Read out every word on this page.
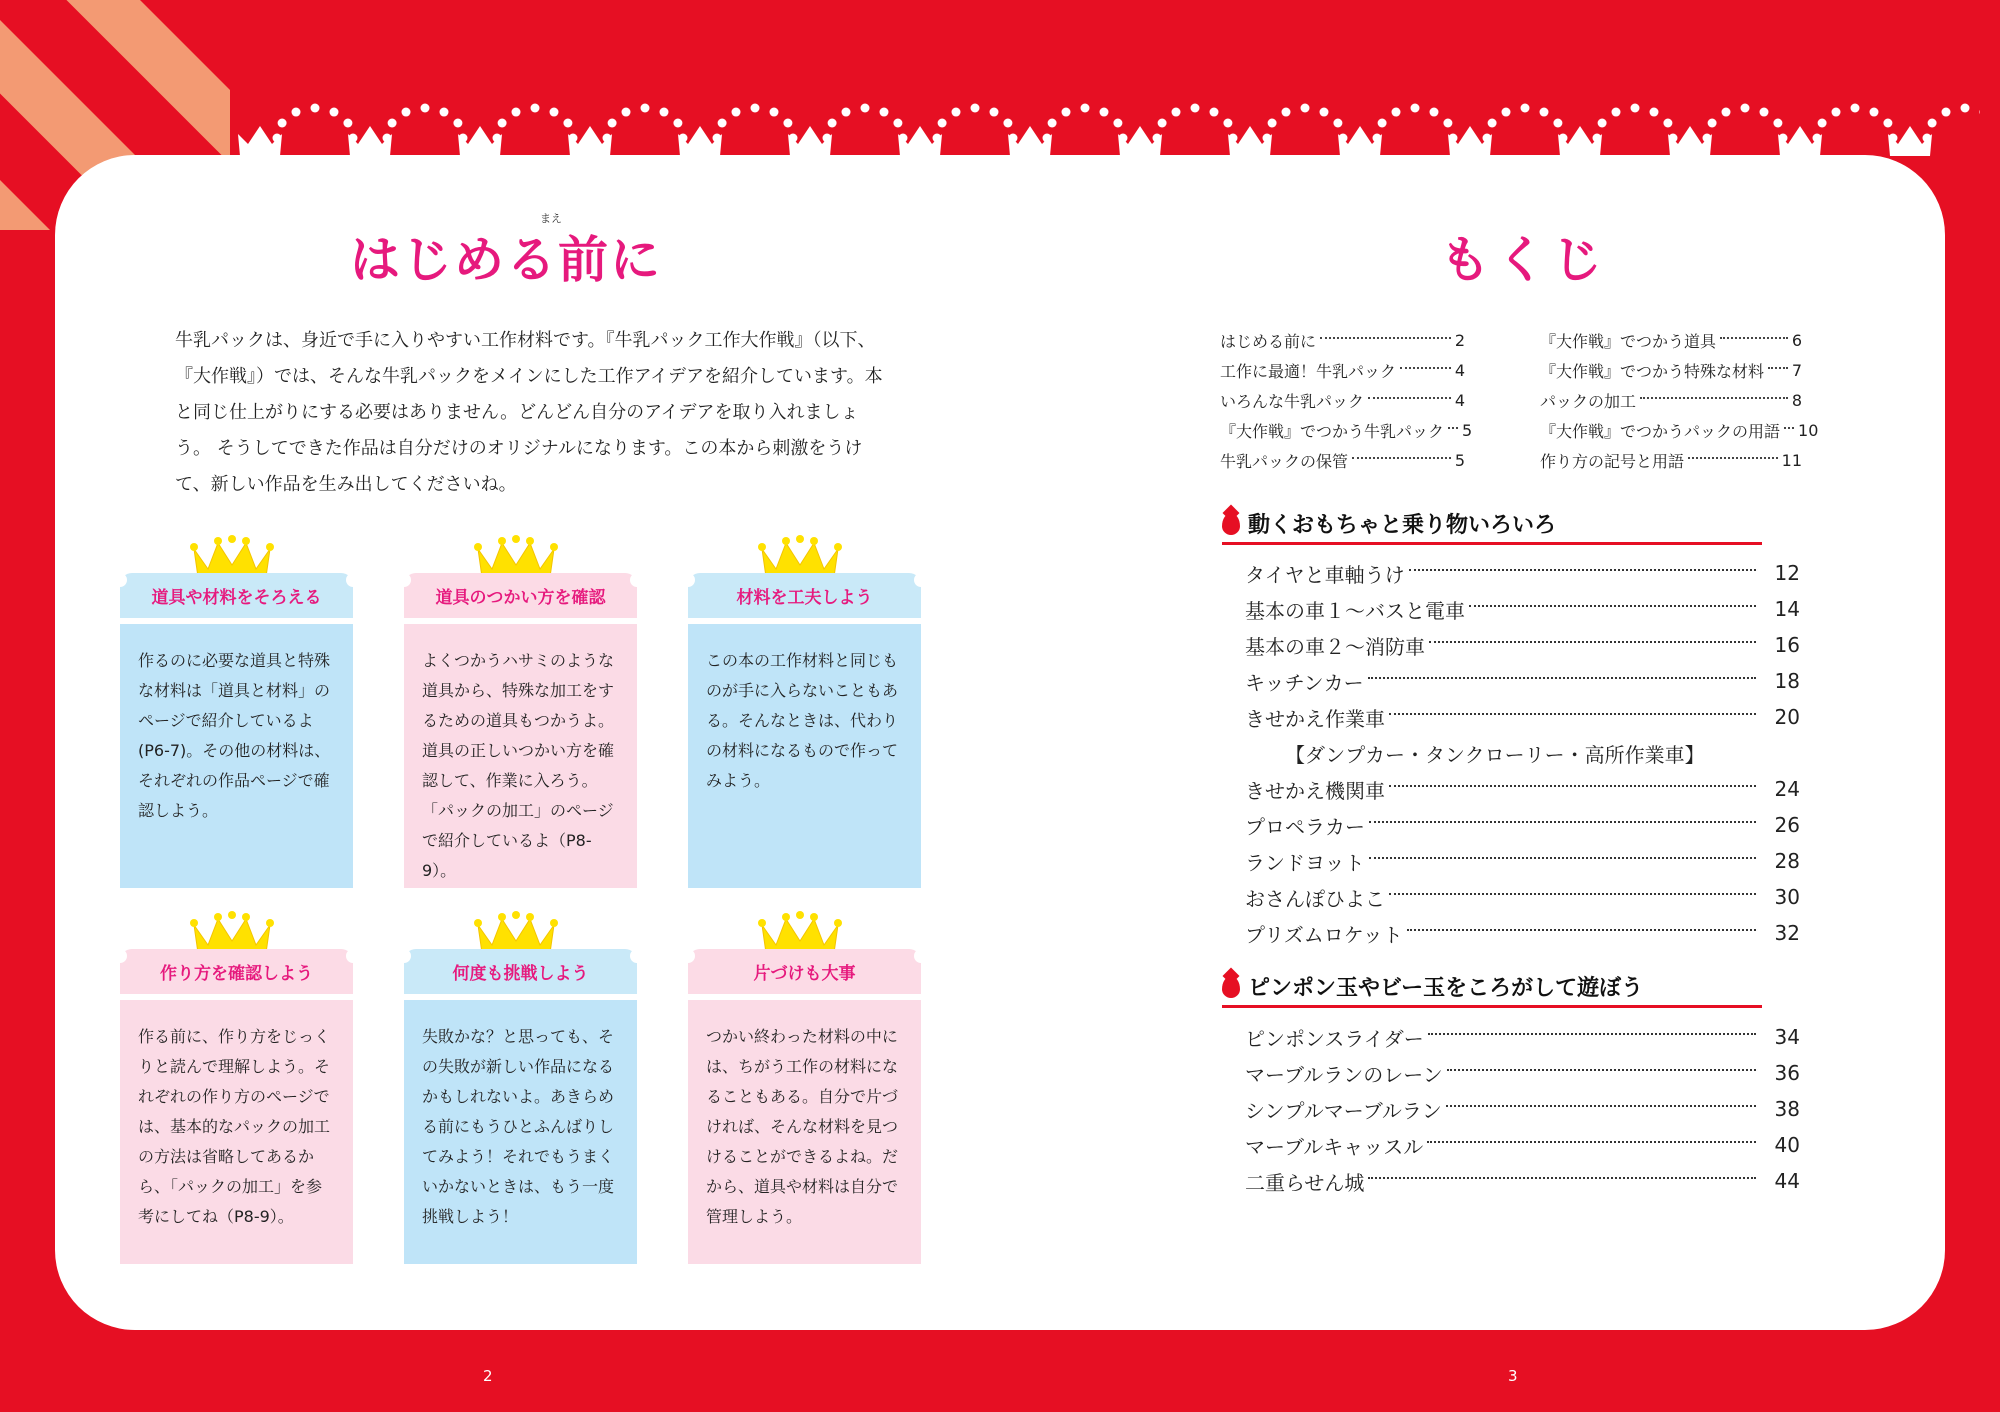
まえ
はじめる前に

牛乳パックは、身近で手に入りやすい工作材料です。『牛乳パック工作大作戦』（以下、『大作戦』）では、そんな牛乳パックをメインにした工作アイデアを紹介しています。本と同じ仕上がりにする必要はありません。どんどん自分のアイデアを取り入れましょう。 そうしてできた作品は自分だけのオリジナルになります。この本から刺激をうけて、新しい作品を生み出してくださいね。

道具や材料をそろえる
作るのに必要な道具と特殊な材料は「道具と材料」のページで紹介しているよ(P6-7)。その他の材料は、それぞれの作品ページで確認しよう。
道具のつかい方を確認
よくつかうハサミのような道具から、特殊な加工をするための道具もつかうよ。道具の正しいつかい方を確認して、作業に入ろう。「パックの加工」のページで紹介しているよ（P8-9）。
材料を工夫しよう
この本の工作材料と同じものが手に入らないこともある。そんなときは、代わりの材料になるもので作ってみよう。
作り方を確認しよう
作る前に、作り方をじっくりと読んで理解しよう。それぞれの作り方のページでは、基本的なパックの加工の方法は省略してあるから、「パックの加工」を参考にしてね（P8-9）。
何度も挑戦しよう
失敗かな？と思っても、その失敗が新しい作品になるかもしれないよ。あきらめる前にもうひとふんばりしてみよう！それでもうまくいかないときは、もう一度挑戦しよう！
片づけも大事
つかい終わった材料の中には、ちがう工作の材料になることもある。自分で片づければ、そんな材料を見つけることができるよね。だから、道具や材料は自分で管理しよう。
2
もくじ
はじめる前に	2
工作に最適！牛乳パック	4
いろんな牛乳パック	4
『大作戦』でつかう牛乳パック 5
牛乳パックの保管	5
『大作戦』でつかう道具	6
『大作戦』でつかう特殊な材料 7
パックの加工	8
『大作戦』でつかうパックの用語 10
作り方の記号と用語	11
動くおもちゃと乗り物いろいろ
タイヤと車軸うけ	12
基本の車１～バスと電車	14
基本の車２～消防車	16
キッチンカー	18
きせかえ作業車	20
【ダンプカー・タンクローリー・高所作業車】
きせかえ機関車	24
プロペラカー	26
ランドヨット	28
おさんぽひよこ	30
プリズムロケット	32
ピンポン玉やビー玉をころがして遊ぼう
ピンポンスライダー	34
マーブルランのレーン	36
シンプルマーブルラン	38
マーブルキャッスル	40
二重らせん城	44
3
